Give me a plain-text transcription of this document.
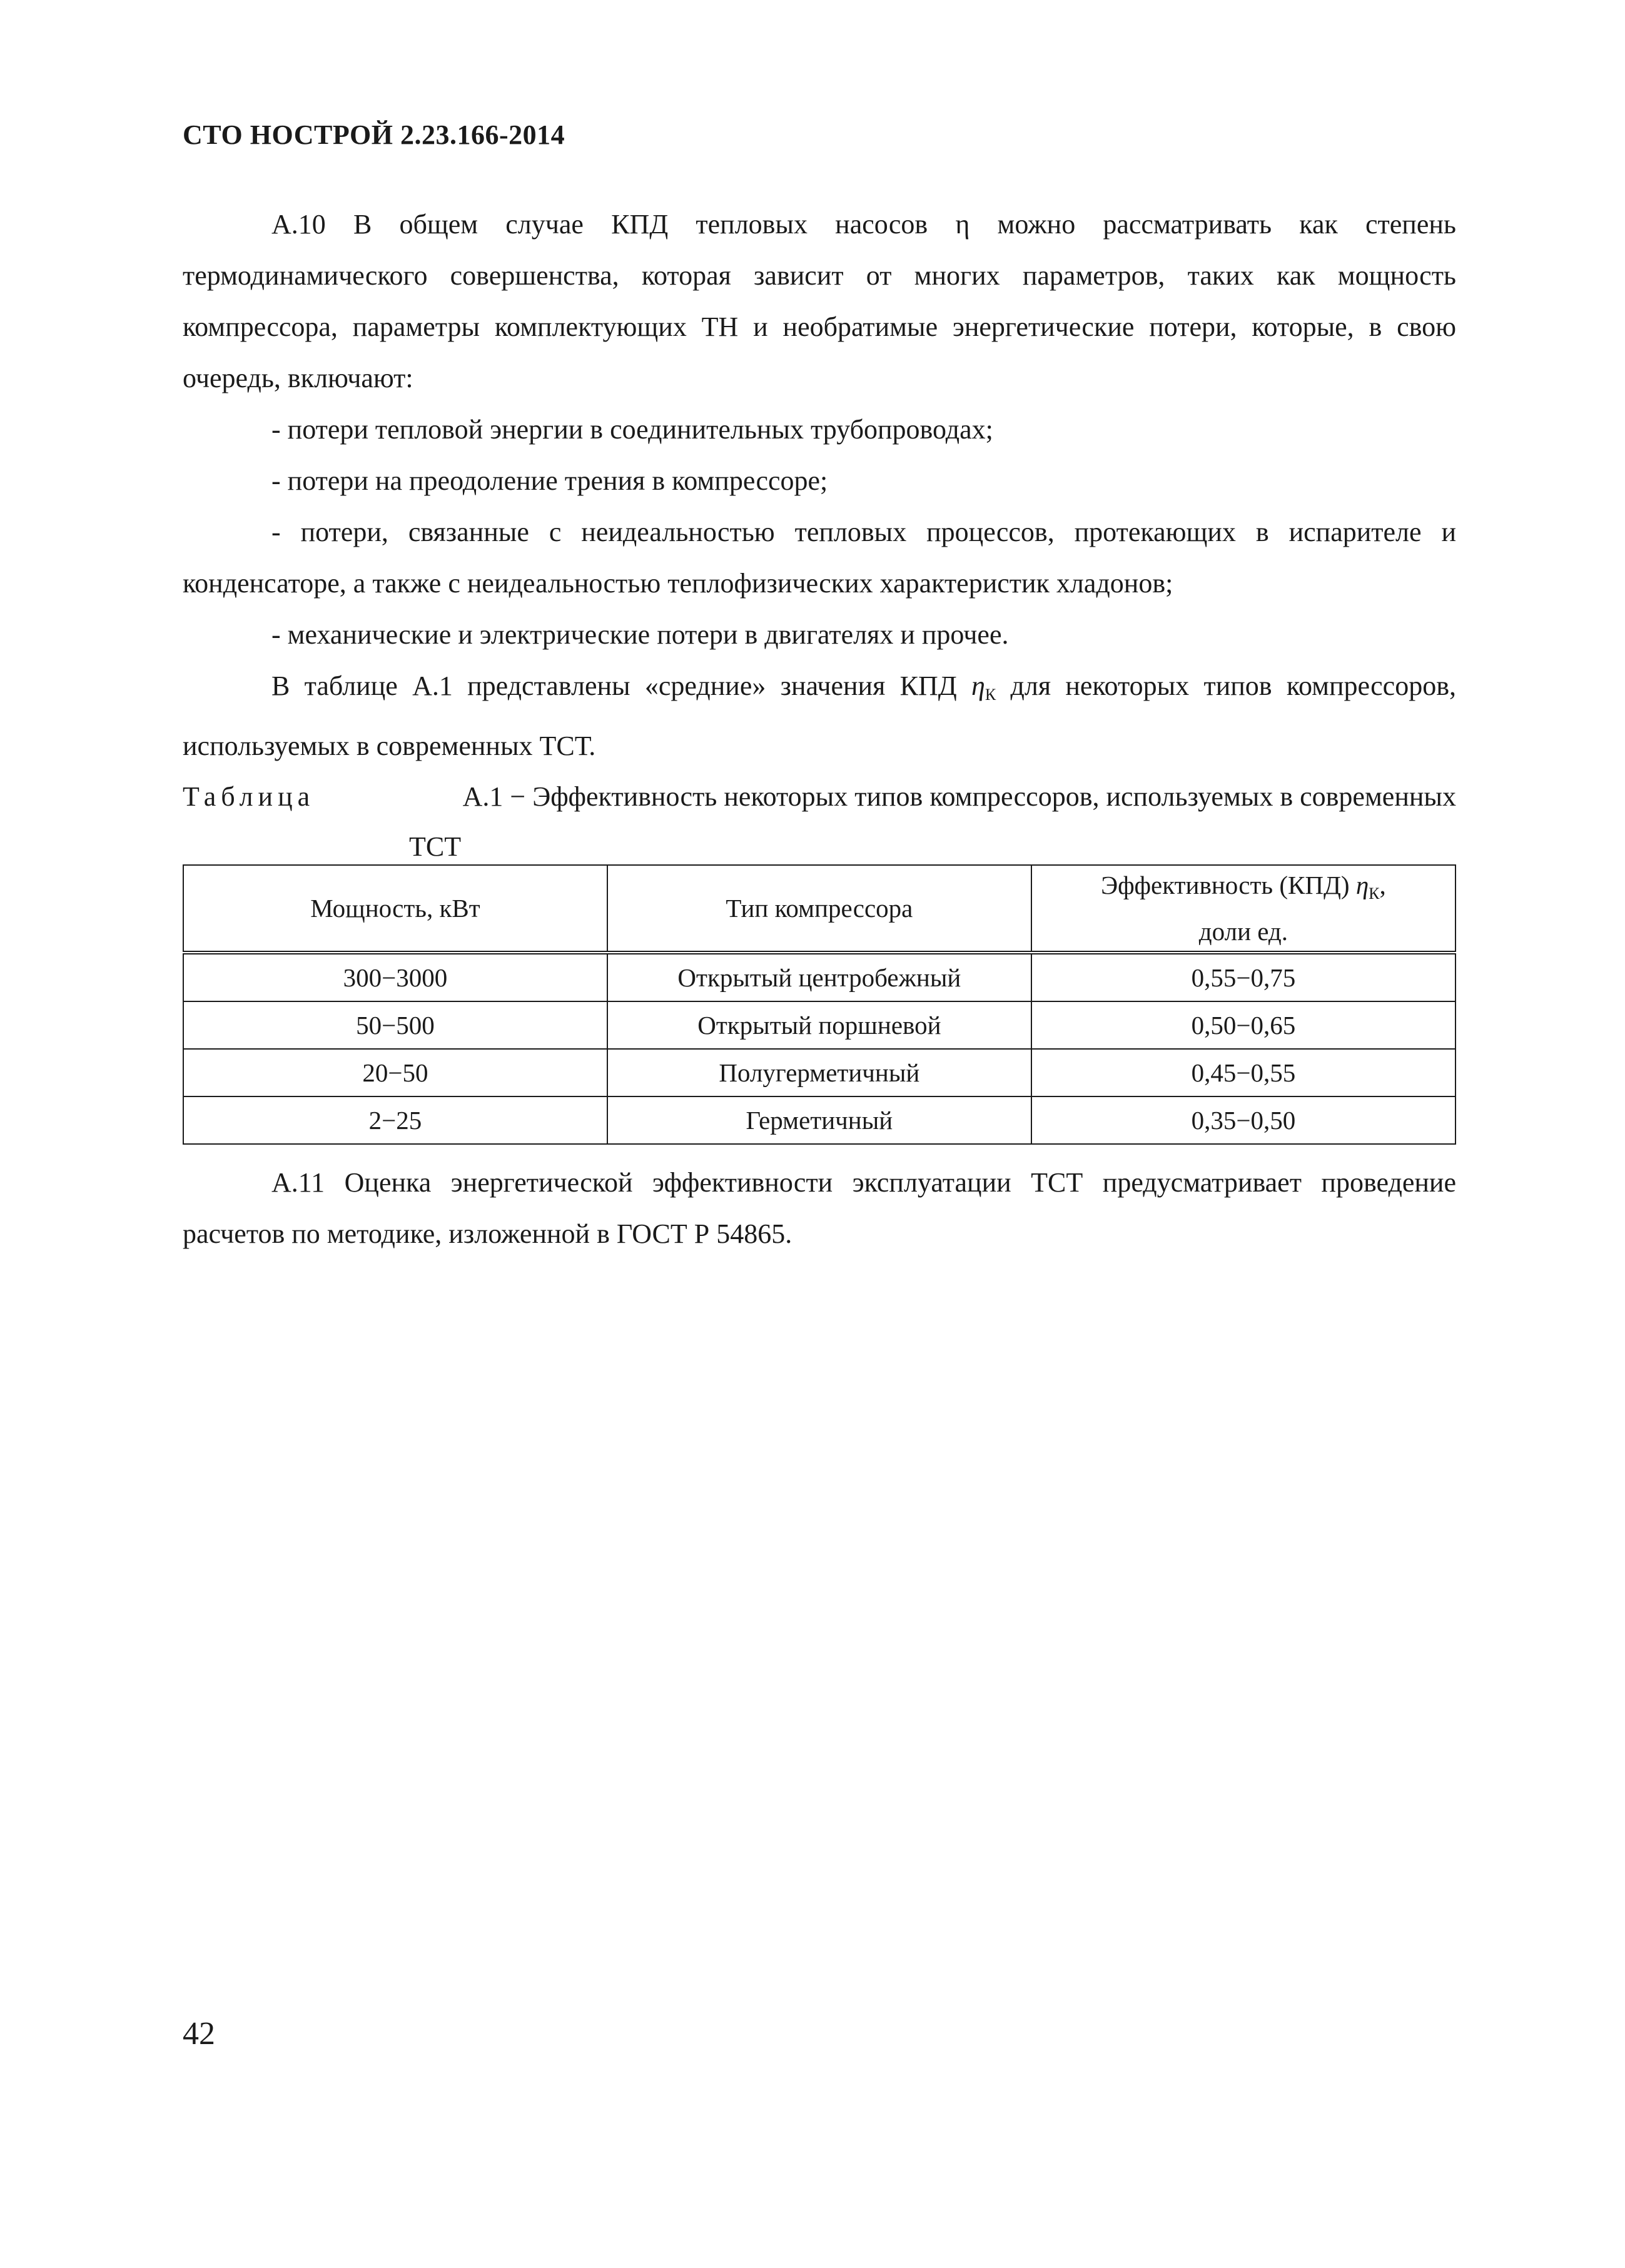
СТО НОСТРОЙ 2.23.166-2014

А.10 В общем случае КПД тепловых насосов η можно рассматривать как степень термодинамического совершенства, которая зависит от многих параметров, таких как мощность компрессора, параметры комплектующих ТН и необратимые энергетические потери, которые, в свою очередь, включают:

- потери тепловой энергии в соединительных трубопроводах;

- потери на преодоление трения в компрессоре;

- потери, связанные с неидеальностью тепловых процессов, протекающих в испарителе и конденсаторе, а также с неидеальностью теплофизических характеристик хладонов;

- механические и электрические потери в двигателях и прочее.

В таблице А.1 представлены «средние» значения КПД $\eta_К$ для некоторых типов компрессоров, используемых в современных ТСТ.

Таблица	А.1 − Эффективность некоторых типов компрессоров, используемых в современных
ТСТ
Мощность, кВт	Тип компрессора	Эффективность (КПД) $\eta_К$,
доли ед.
300−3000	Открытый центробежный	0,55−0,75
50−500	Открытый поршневой	0,50−0,65
20−50	Полугерметичный	0,45−0,55
2−25	Герметичный	0,35−0,50

А.11 Оценка энергетической эффективности эксплуатации ТСТ предусматривает проведение расчетов по методике, изложенной в ГОСТ Р 54865.

42
